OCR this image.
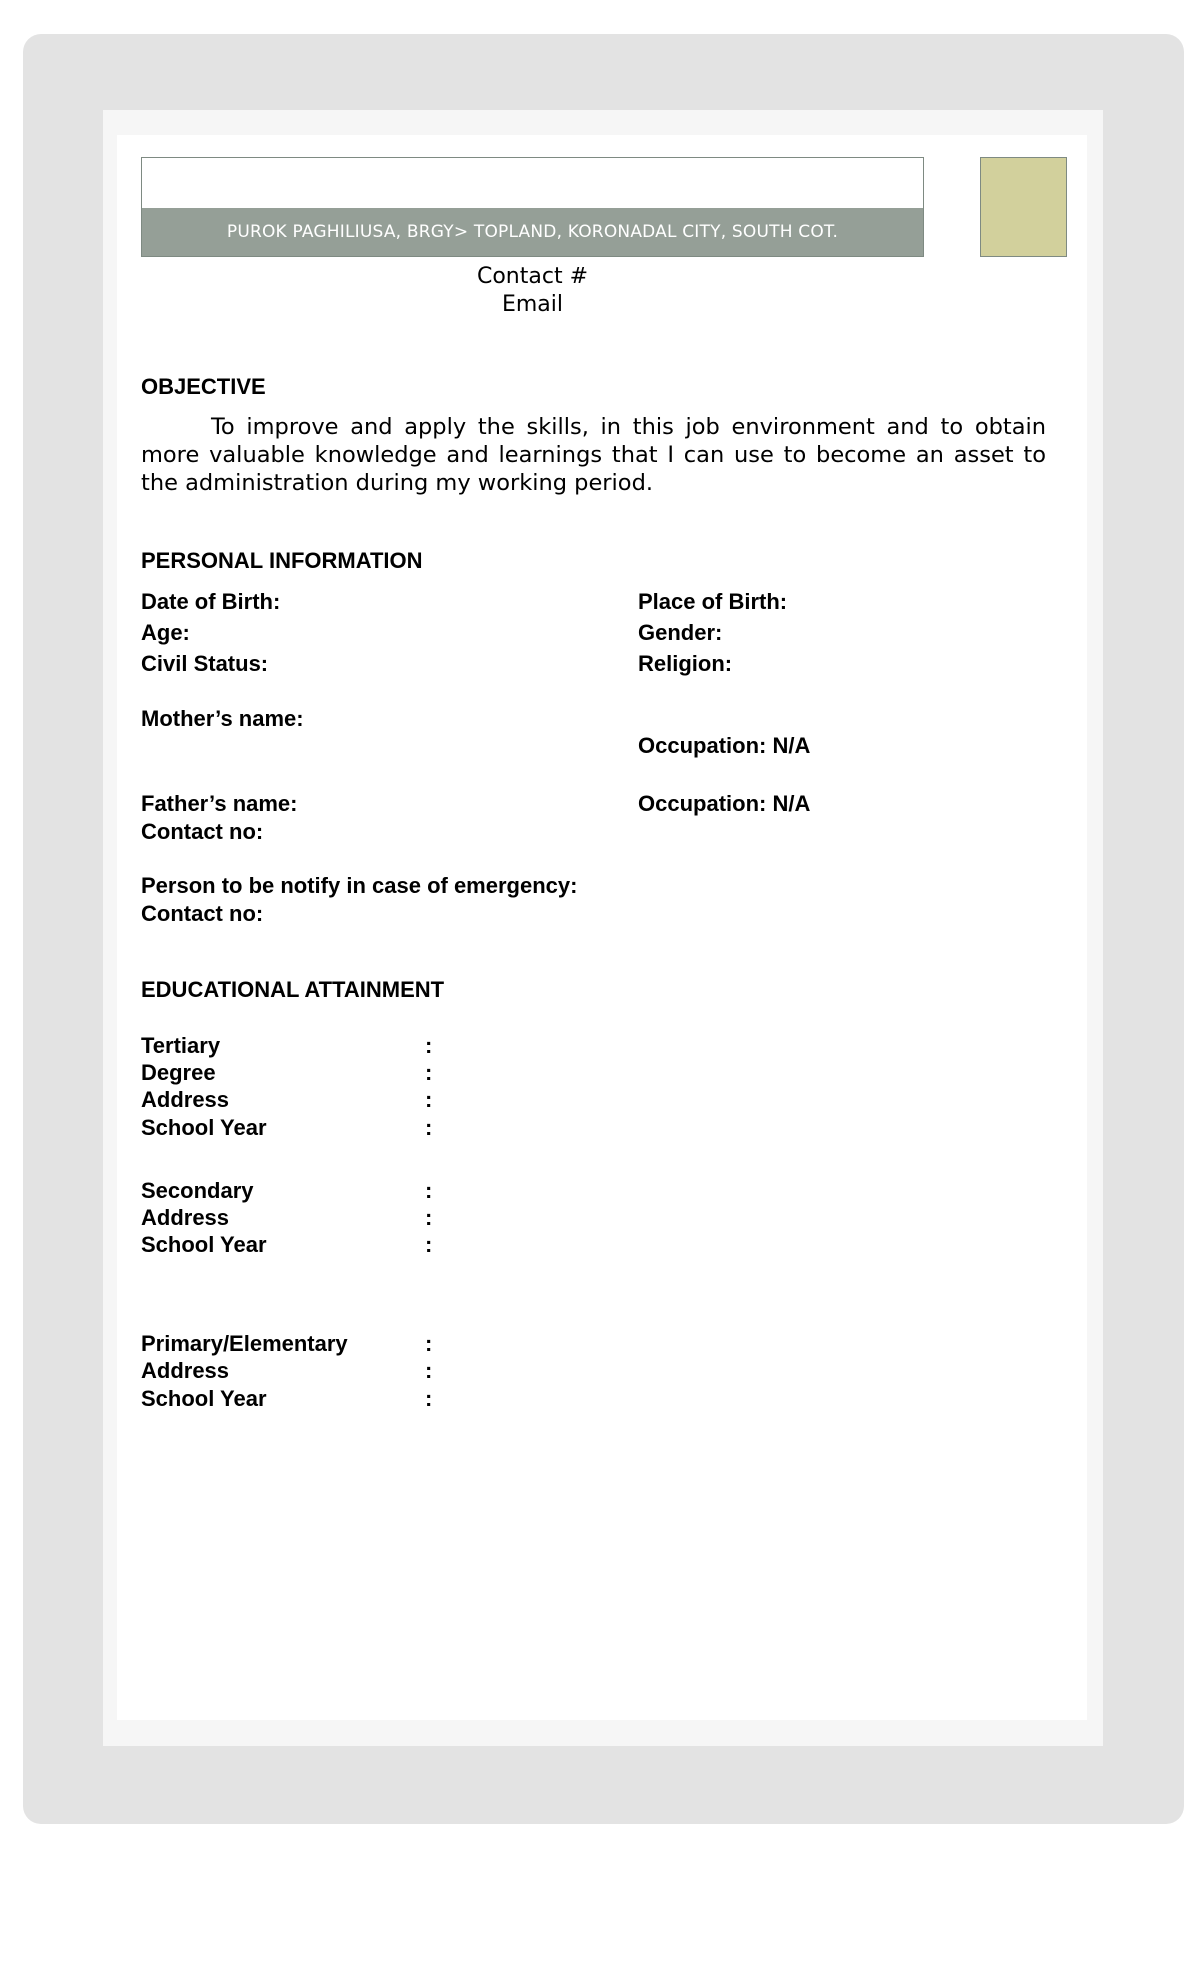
PUROK PAGHILIUSA, BRGY> TOPLAND, KORONADAL CITY, SOUTH COT.
Contact #
Email
OBJECTIVE

To improve and apply the skills, in this job environment and to obtain more valuable knowledge and learnings that I can use to become an asset to the administration during my working period.

PERSONAL INFORMATION
Date of Birth:	Place of Birth:
Age:	Gender:
Civil Status:	Religion:
Mother’s name:
Occupation: N/A
Father’s name:	Occupation: N/A
Contact no:
Person to be notify in case of emergency:
Contact no:
EDUCATIONAL ATTAINMENT
Tertiary	:
Degree	:
Address	:
School Year	:
Secondary	:
Address	:
School Year	:
Primary/Elementary	:
Address	:
School Year	:
